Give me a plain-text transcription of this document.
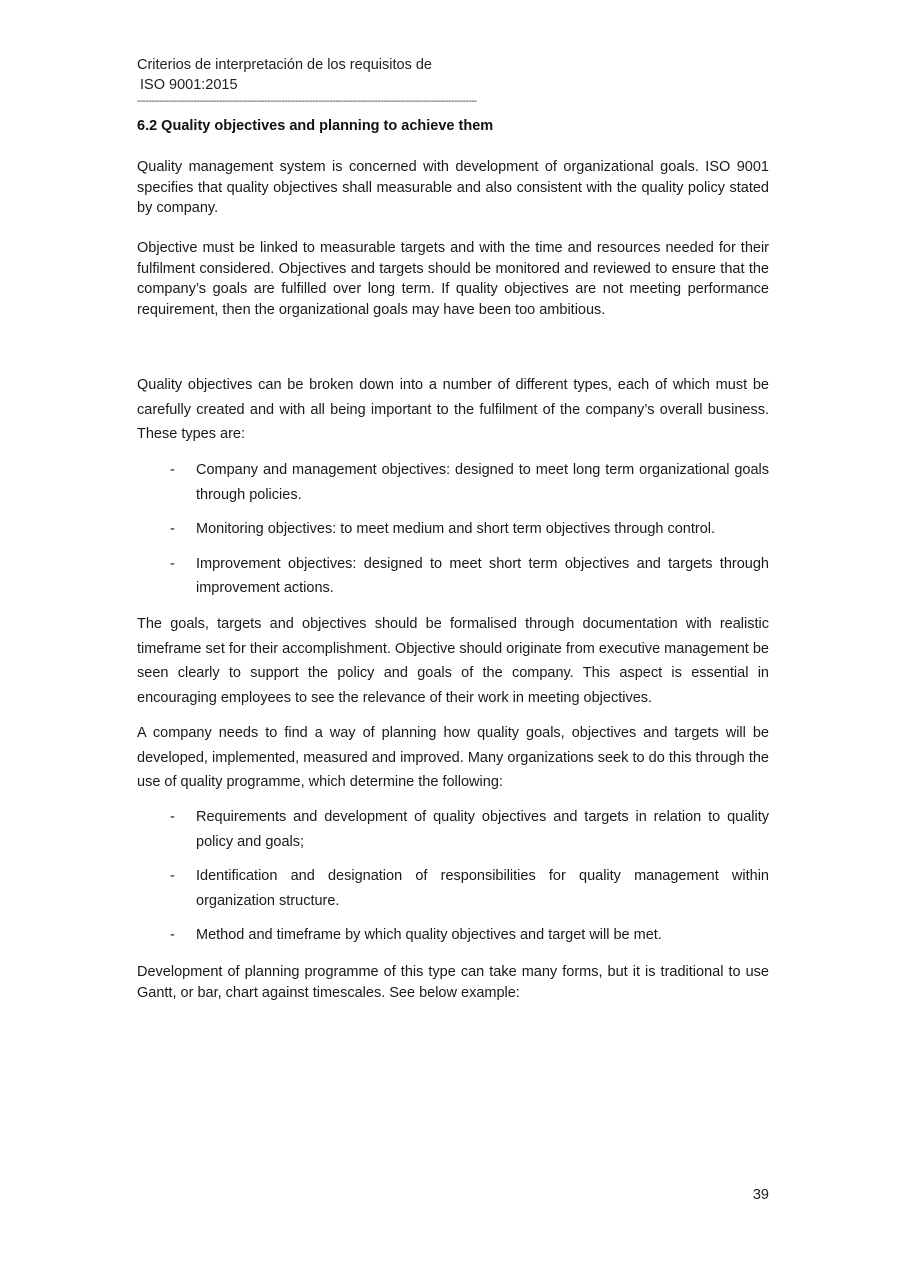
Criterios de interpretación de los requisitos de
ISO 9001:2015
------------------------------------------------------------------------------------------------------------------------
6.2 Quality objectives and planning to achieve them

Quality management system is concerned with development of organizational goals. ISO 9001 specifies that quality objectives shall measurable and also consistent with the quality policy stated by company.

Objective must be linked to measurable targets and with the time and resources needed for their fulfilment considered. Objectives and targets should be monitored and reviewed to ensure that the company’s goals are fulfilled over long term. If quality objectives are not meeting performance requirement, then the organizational goals may have been too ambitious.

Quality objectives can be broken down into a number of different types, each of which must be carefully created and with all being important to the fulfilment of the company’s overall business. These types are:

- Company and management objectives: designed to meet long term organizational goals through policies.
- Monitoring objectives: to meet medium and short term objectives through control.
- Improvement objectives: designed to meet short term objectives and targets through improvement actions.

The goals, targets and objectives should be formalised through documentation with realistic timeframe set for their accomplishment. Objective should originate from executive management be seen clearly to support the policy and goals of the company. This aspect is essential in encouraging employees to see the relevance of their work in meeting objectives.

A company needs to find a way of planning how quality goals, objectives and targets will be developed, implemented, measured and improved. Many organizations seek to do this through the use of quality programme, which determine the following:

- Requirements and development of quality objectives and targets in relation to quality policy and goals;
- Identification and designation of responsibilities for quality management within organization structure.
- Method and timeframe by which quality objectives and target will be met.

Development of planning programme of this type can take many forms, but it is traditional to use Gantt, or bar, chart against timescales. See below example:

39
